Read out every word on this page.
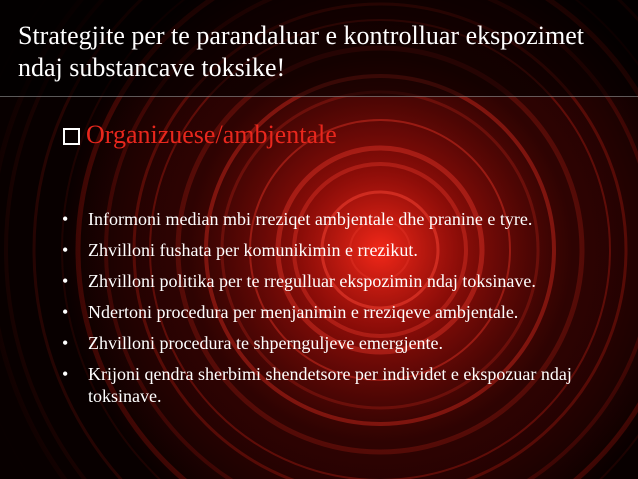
Strategjite per te parandaluar e kontrolluar ekspozimet ndaj substancave toksike!
Organizuese/ambjentale
• Informoni median mbi rreziqet ambjentale dhe pranine e tyre.
• Zhvilloni fushata per komunikimin e rrezikut.
• Zhvilloni politika per te rregulluar ekspozimin ndaj toksinave.
• Ndertoni procedura per menjanimin e rreziqeve ambjentale.
• Zhvilloni procedura te shpernguljeve emergjente.
• Krijoni qendra sherbimi shendetsore per individet e ekspozuar ndaj toksinave.
